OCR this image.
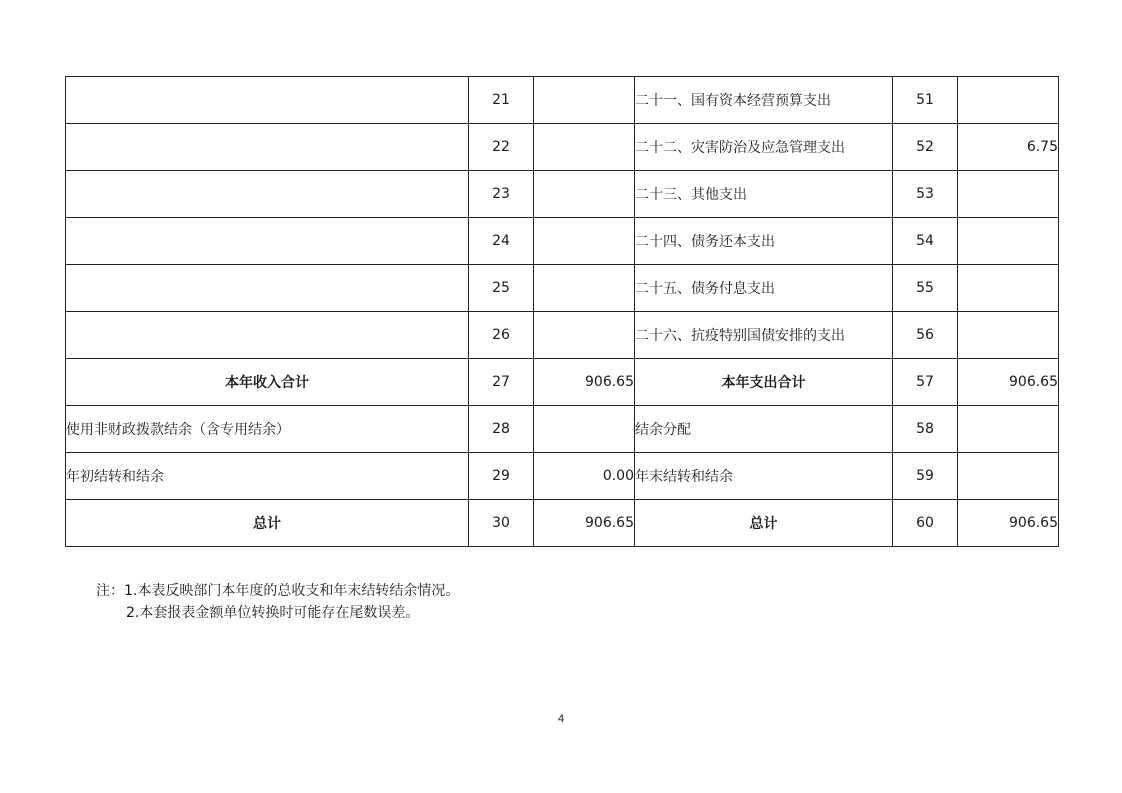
	21		二十一、国有资本经营预算支出	51	
	22		二十二、灾害防治及应急管理支出	52	6.75
	23		二十三、其他支出	53	
	24		二十四、债务还本支出	54	
	25		二十五、债务付息支出	55	
	26		二十六、抗疫特别国债安排的支出	56	
本年收入合计	27	906.65	本年支出合计	57	906.65
使用非财政拨款结余（含专用结余）	28		结余分配	58	
年初结转和结余	29	0.00	年末结转和结余	59	
总计	30	906.65	总计	60	906.65
注：1.本表反映部门本年度的总收支和年末结转结余情况。
2.本套报表金额单位转换时可能存在尾数误差。
4
